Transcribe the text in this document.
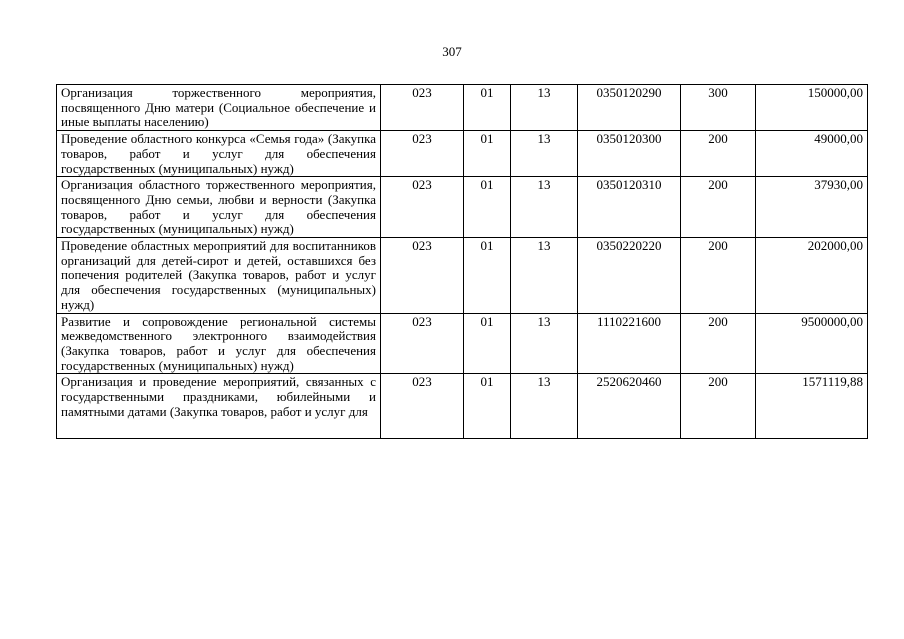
307
Организация торжественного мероприятия, посвященного Дню матери (Социальное обеспечение и иные выплаты населению)	023	01	13	0350120290	300	150000,00
Проведение областного конкурса «Семья года» (Закупка товаров, работ и услуг для обеспечения государственных (муниципальных) нужд)	023	01	13	0350120300	200	49000,00
Организация областного торжественного мероприятия, посвященного Дню семьи, любви и верности (Закупка товаров, работ и услуг для обеспечения государственных (муниципальных) нужд)	023	01	13	0350120310	200	37930,00
Проведение областных мероприятий для воспитанников организаций для детей-сирот и детей, оставшихся без попечения родителей (Закупка товаров, работ и услуг для обеспечения государственных (муниципальных) нужд)	023	01	13	0350220220	200	202000,00
Развитие и сопровождение региональной системы межведомственного электронного взаимодействия (Закупка товаров, работ и услуг для обеспечения государственных (муниципальных) нужд)	023	01	13	1110221600	200	9500000,00
Организация и проведение мероприятий, связанных с государственными праздниками, юбилейными и памятными датами (Закупка товаров, работ и услуг для	023	01	13	2520620460	200	1571119,88
